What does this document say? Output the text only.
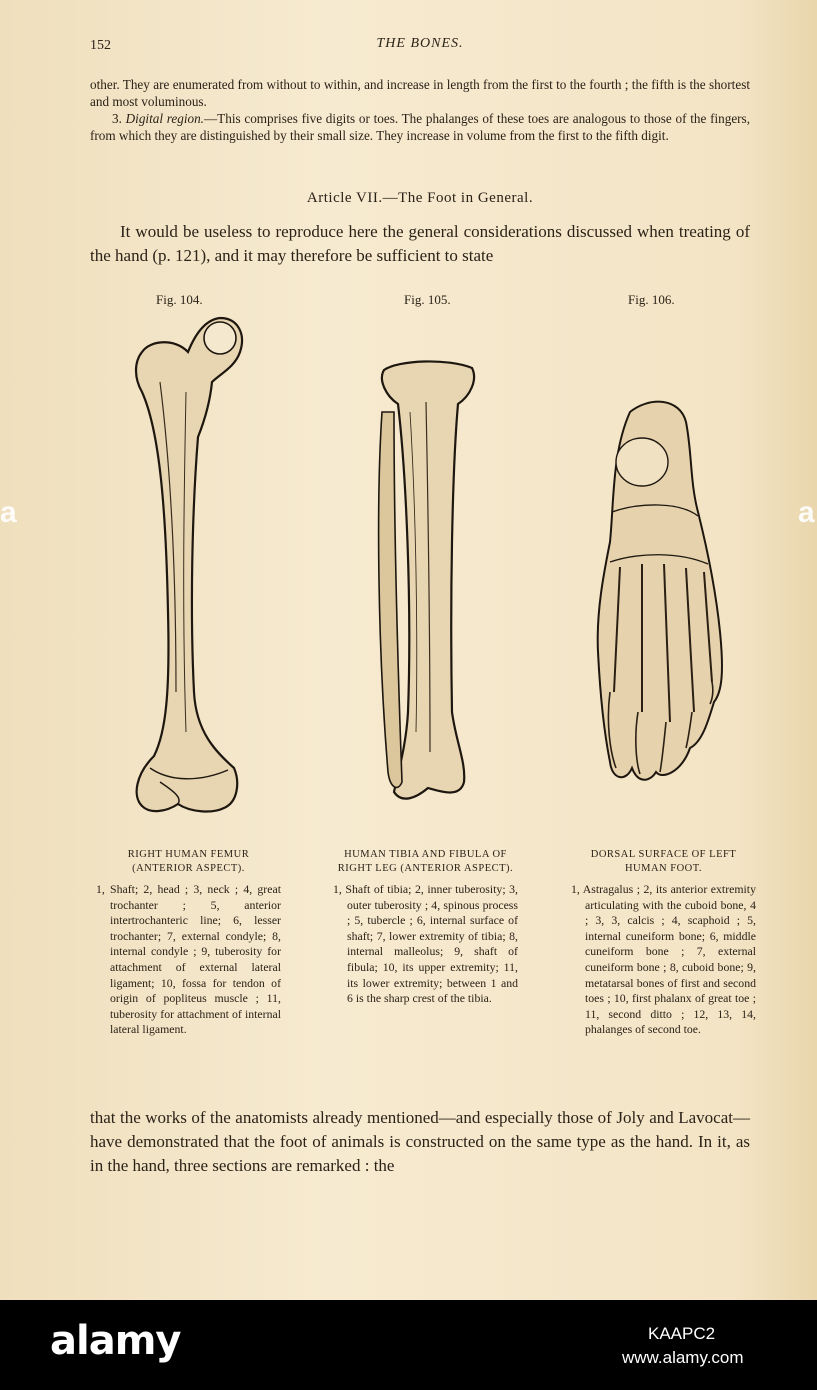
152	THE BONES.

other. They are enumerated from without to within, and increase in length from the first to the fourth ; the fifth is the shortest and most voluminous.

3. Digital region.—This comprises five digits or toes. The phalanges of these toes are analogous to those of the fingers, from which they are distinguished by their small size. They increase in volume from the first to the fifth digit.

Article VII.—The Foot in General.

It would be useless to reproduce here the general considerations discussed when treating of the hand (p. 121), and it may therefore be sufficient to state

Fig. 104.	Fig. 105.	Fig. 106.

RIGHT HUMAN FEMUR (ANTERIOR ASPECT).

1, Shaft; 2, head ; 3, neck ; 4, great trochanter ; 5, anterior intertrochanteric line; 6, lesser trochanter; 7, external condyle; 8, internal condyle ; 9, tuberosity for attachment of external lateral ligament; 10, fossa for tendon of origin of popliteus muscle ; 11, tuberosity for attachment of internal lateral ligament.

HUMAN TIBIA AND FIBULA OF RIGHT LEG (ANTERIOR ASPECT).

1, Shaft of tibia; 2, inner tuberosity; 3, outer tuberosity ; 4, spinous process ; 5, tubercle ; 6, internal surface of shaft; 7, lower extremity of tibia; 8, internal malleolus; 9, shaft of fibula; 10, its upper extremity; 11, its lower extremity; between 1 and 6 is the sharp crest of the tibia.

DORSAL SURFACE OF LEFT HUMAN FOOT.

1, Astragalus ; 2, its anterior extremity articulating with the cuboid bone, 4 ; 3, 3, calcis ; 4, scaphoid ; 5, internal cuneiform bone; 6, middle cuneiform bone ; 7, external cuneiform bone ; 8, cuboid bone; 9, metatarsal bones of first and second toes ; 10, first phalanx of great toe ; 11, second ditto ; 12, 13, 14, phalanges of second toe.

that the works of the anatomists already mentioned—and especially those of Joly and Lavocat—have demonstrated that the foot of animals is constructed on the same type as the hand. In it, as in the hand, three sections are remarked : the

a	a
alamy	KAAPC2
www.alamy.com
